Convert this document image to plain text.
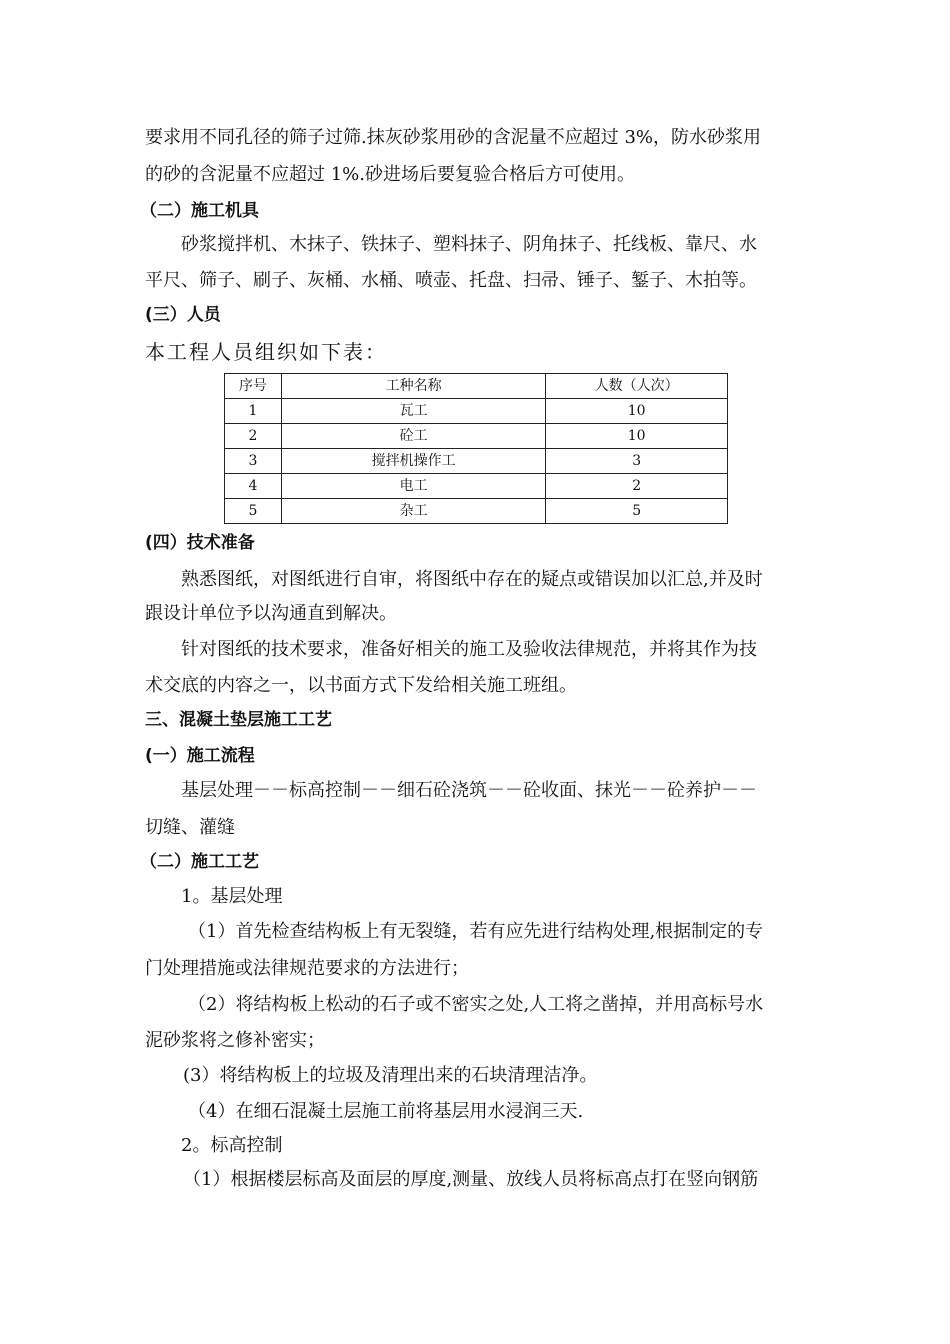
要求用不同孔径的筛子过筛.抹灰砂浆用砂的含泥量不应超过 3%，防水砂浆用
的砂的含泥量不应超过 1%.砂进场后要复验合格后方可使用。
（二）施工机具
砂浆搅拌机、木抹子、铁抹子、塑料抹子、阴角抹子、托线板、靠尺、水
平尺、筛子、刷子、灰桶、水桶、喷壶、托盘、扫帚、锤子、錾子、木拍等。
(三）人员
本工程人员组织如下表：
序号	工种名称	人数（人次）
1	瓦工	10
2	砼工	10
3	搅拌机操作工	3
4	电工	2
5	杂工	5
(四）技术准备
熟悉图纸，对图纸进行自审，将图纸中存在的疑点或错误加以汇总,并及时
跟设计单位予以沟通直到解决。
针对图纸的技术要求，准备好相关的施工及验收法律规范，并将其作为技
术交底的内容之一，以书面方式下发给相关施工班组。
三、混凝土垫层施工工艺
(一）施工流程
基层处理－－标高控制－－细石砼浇筑－－砼收面、抹光－－砼养护－－
切缝、灌缝
（二）施工工艺
1。基层处理
（1）首先检查结构板上有无裂缝，若有应先进行结构处理,根据制定的专
门处理措施或法律规范要求的方法进行；
（2）将结构板上松动的石子或不密实之处,人工将之凿掉，并用高标号水
泥砂浆将之修补密实；
(3）将结构板上的垃圾及清理出来的石块清理洁净。
（4）在细石混凝土层施工前将基层用水浸润三天.
2。标高控制
（1）根据楼层标高及面层的厚度,测量、放线人员将标高点打在竖向钢筋
